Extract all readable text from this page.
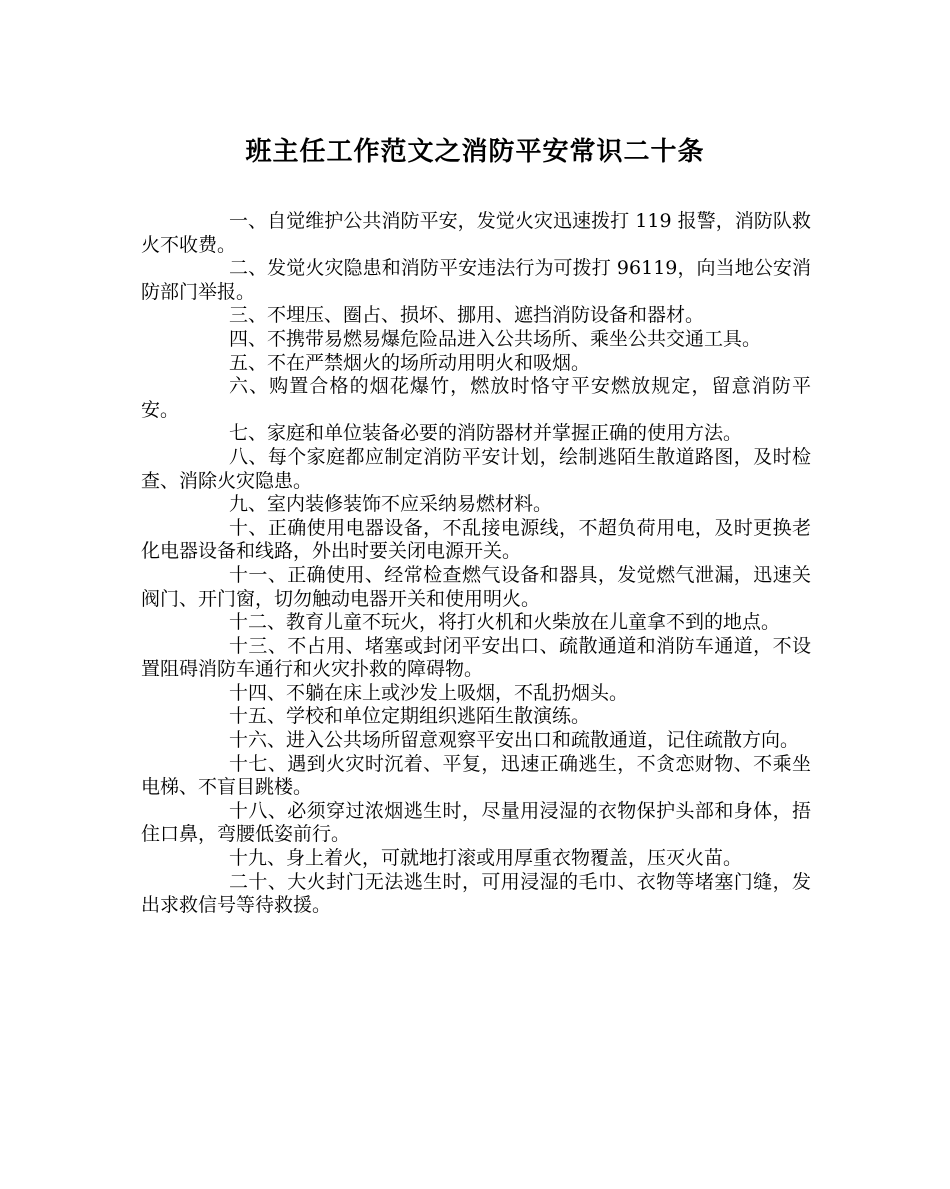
班主任工作范文之消防平安常识二十条

一、自觉维护公共消防平安，发觉火灾迅速拨打 119 报警，消防队救火不收费。

二、发觉火灾隐患和消防平安违法行为可拨打 96119，向当地公安消防部门举报。

三、不埋压、圈占、损坏、挪用、遮挡消防设备和器材。

四、不携带易燃易爆危险品进入公共场所、乘坐公共交通工具。

五、不在严禁烟火的场所动用明火和吸烟。

六、购置合格的烟花爆竹，燃放时恪守平安燃放规定，留意消防平安。

七、家庭和单位装备必要的消防器材并掌握正确的使用方法。

八、每个家庭都应制定消防平安计划，绘制逃陌生散道路图，及时检查、消除火灾隐患。

九、室内装修装饰不应采纳易燃材料。

十、正确使用电器设备，不乱接电源线，不超负荷用电，及时更换老化电器设备和线路，外出时要关闭电源开关。

十一、正确使用、经常检查燃气设备和器具，发觉燃气泄漏，迅速关阀门、开门窗，切勿触动电器开关和使用明火。

十二、教育儿童不玩火，将打火机和火柴放在儿童拿不到的地点。

十三、不占用、堵塞或封闭平安出口、疏散通道和消防车通道，不设置阻碍消防车通行和火灾扑救的障碍物。

十四、不躺在床上或沙发上吸烟，不乱扔烟头。

十五、学校和单位定期组织逃陌生散演练。

十六、进入公共场所留意观察平安出口和疏散通道，记住疏散方向。

十七、遇到火灾时沉着、平复，迅速正确逃生，不贪恋财物、不乘坐电梯、不盲目跳楼。

十八、必须穿过浓烟逃生时，尽量用浸湿的衣物保护头部和身体，捂住口鼻，弯腰低姿前行。

十九、身上着火，可就地打滚或用厚重衣物覆盖，压灭火苗。

二十、大火封门无法逃生时，可用浸湿的毛巾、衣物等堵塞门缝，发出求救信号等待救援。
